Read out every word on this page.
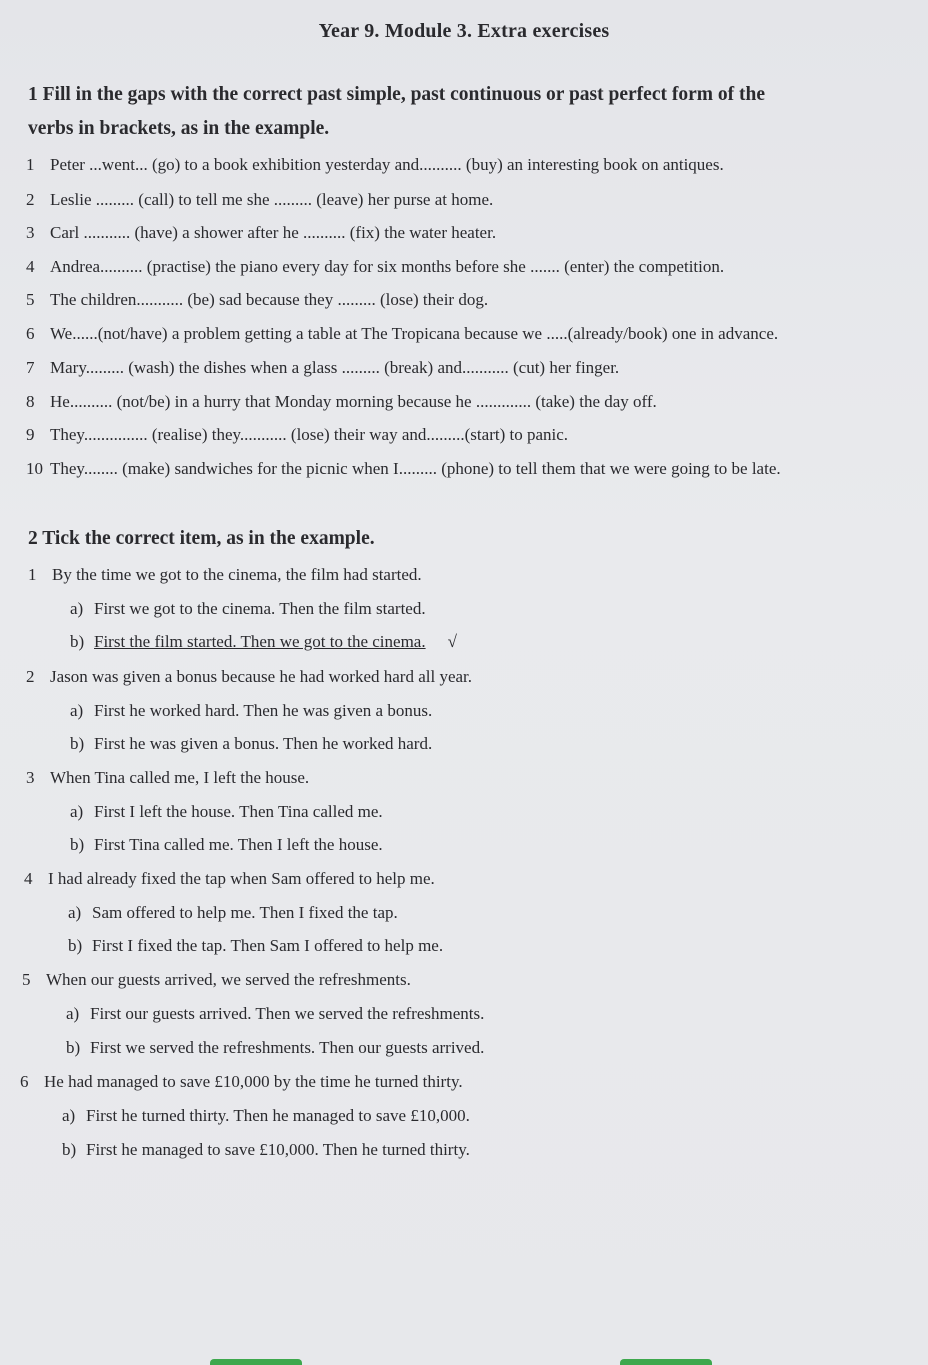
Year 9. Module 3. Extra exercises
1 Fill in the gaps with the correct past simple, past continuous or past perfect form of the
verbs in brackets, as in the example.
1 Peter ...went... (go) to a book exhibition yesterday and.......... (buy) an interesting book on antiques.
2 Leslie ......... (call) to tell me she ......... (leave) her purse at home.
3 Carl ........... (have) a shower after he .......... (fix) the water heater.
4 Andrea.......... (practise) the piano every day for six months before she ....... (enter) the competition.
5 The children........... (be) sad because they ......... (lose) their dog.
6 We......(not/have) a problem getting a table at The Tropicana because we .....(already/book) one in advance.
7 Mary......... (wash) the dishes when a glass ......... (break) and........... (cut) her finger.
8 He.......... (not/be) in a hurry that Monday morning because he ............. (take) the day off.
9 They............... (realise) they........... (lose) their way and.........(start) to panic.
10 They........ (make) sandwiches for the picnic when I......... (phone) to tell them that we were going to be late.
2 Tick the correct item, as in the example.
1 By the time we got to the cinema, the film had started.
a) First we got to the cinema. Then the film started.
b) First the film started. Then we got to the cinema. √
2 Jason was given a bonus because he had worked hard all year.
a) First he worked hard. Then he was given a bonus.
b) First he was given a bonus. Then he worked hard.
3 When Tina called me, I left the house.
a) First I left the house. Then Tina called me.
b) First Tina called me. Then I left the house.
4 I had already fixed the tap when Sam offered to help me.
a) Sam offered to help me. Then I fixed the tap.
b) First I fixed the tap. Then Sam I offered to help me.
5 When our guests arrived, we served the refreshments.
a) First our guests arrived. Then we served the refreshments.
b) First we served the refreshments. Then our guests arrived.
6 He had managed to save £10,000 by the time he turned thirty.
a) First he turned thirty. Then he managed to save £10,000.
b) First he managed to save £10,000. Then he turned thirty.
